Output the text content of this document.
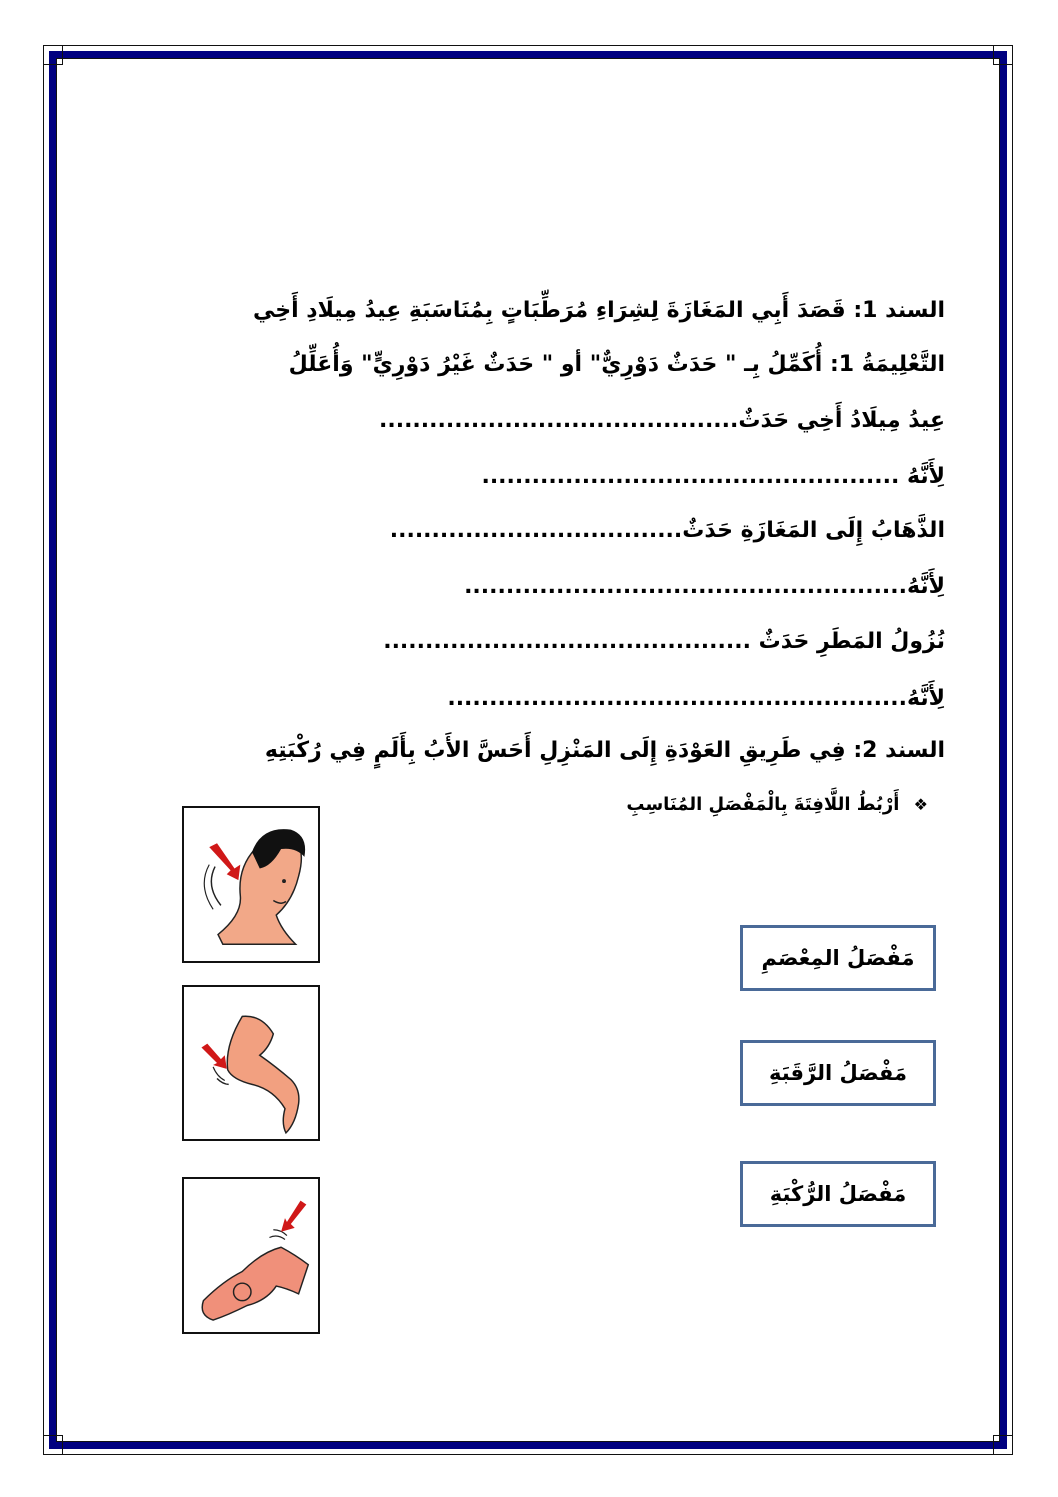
السند 1: قَصَدَ أَبِي المَغَازَةَ لِشِرَاءِ مُرَطِّبَاتٍ بِمُنَاسَبَةِ عِيدُ مِيلَادِ أَخِي
التَّعْلِيمَةُ 1: أُكَمِّلُ بِـ " حَدَثٌ دَوْرِيٌّ" أو " حَدَثٌ غَيْرُ دَوْرِيٍّ" وَأُعَلِّلُ
عِيدُ مِيلَادُ أَخِي حَدَثٌ...........................................
لِأَنَّهُ ..................................................
الذَّهَابُ إِلَى المَغَازَةِ حَدَثٌ...................................
لِأَنَّهُ.....................................................
نُزُولُ المَطَرِ حَدَثٌ ............................................
لِأَنَّهُ.......................................................
السند 2: فِي طَرِيقِ العَوْدَةِ إِلَى المَنْزِلِ أَحَسَّ الأَبُ بِأَلَمٍ فِي رُكْبَتِهِ
❖ أَرْبُطُ اللَّافِتَةَ بِالْمَفْصَلِ المُنَاسِبِ
مَفْصَلُ المِعْصَمِ
مَفْصَلُ الرَّقَبَةِ
مَفْصَلُ الرُّكْبَةِ
